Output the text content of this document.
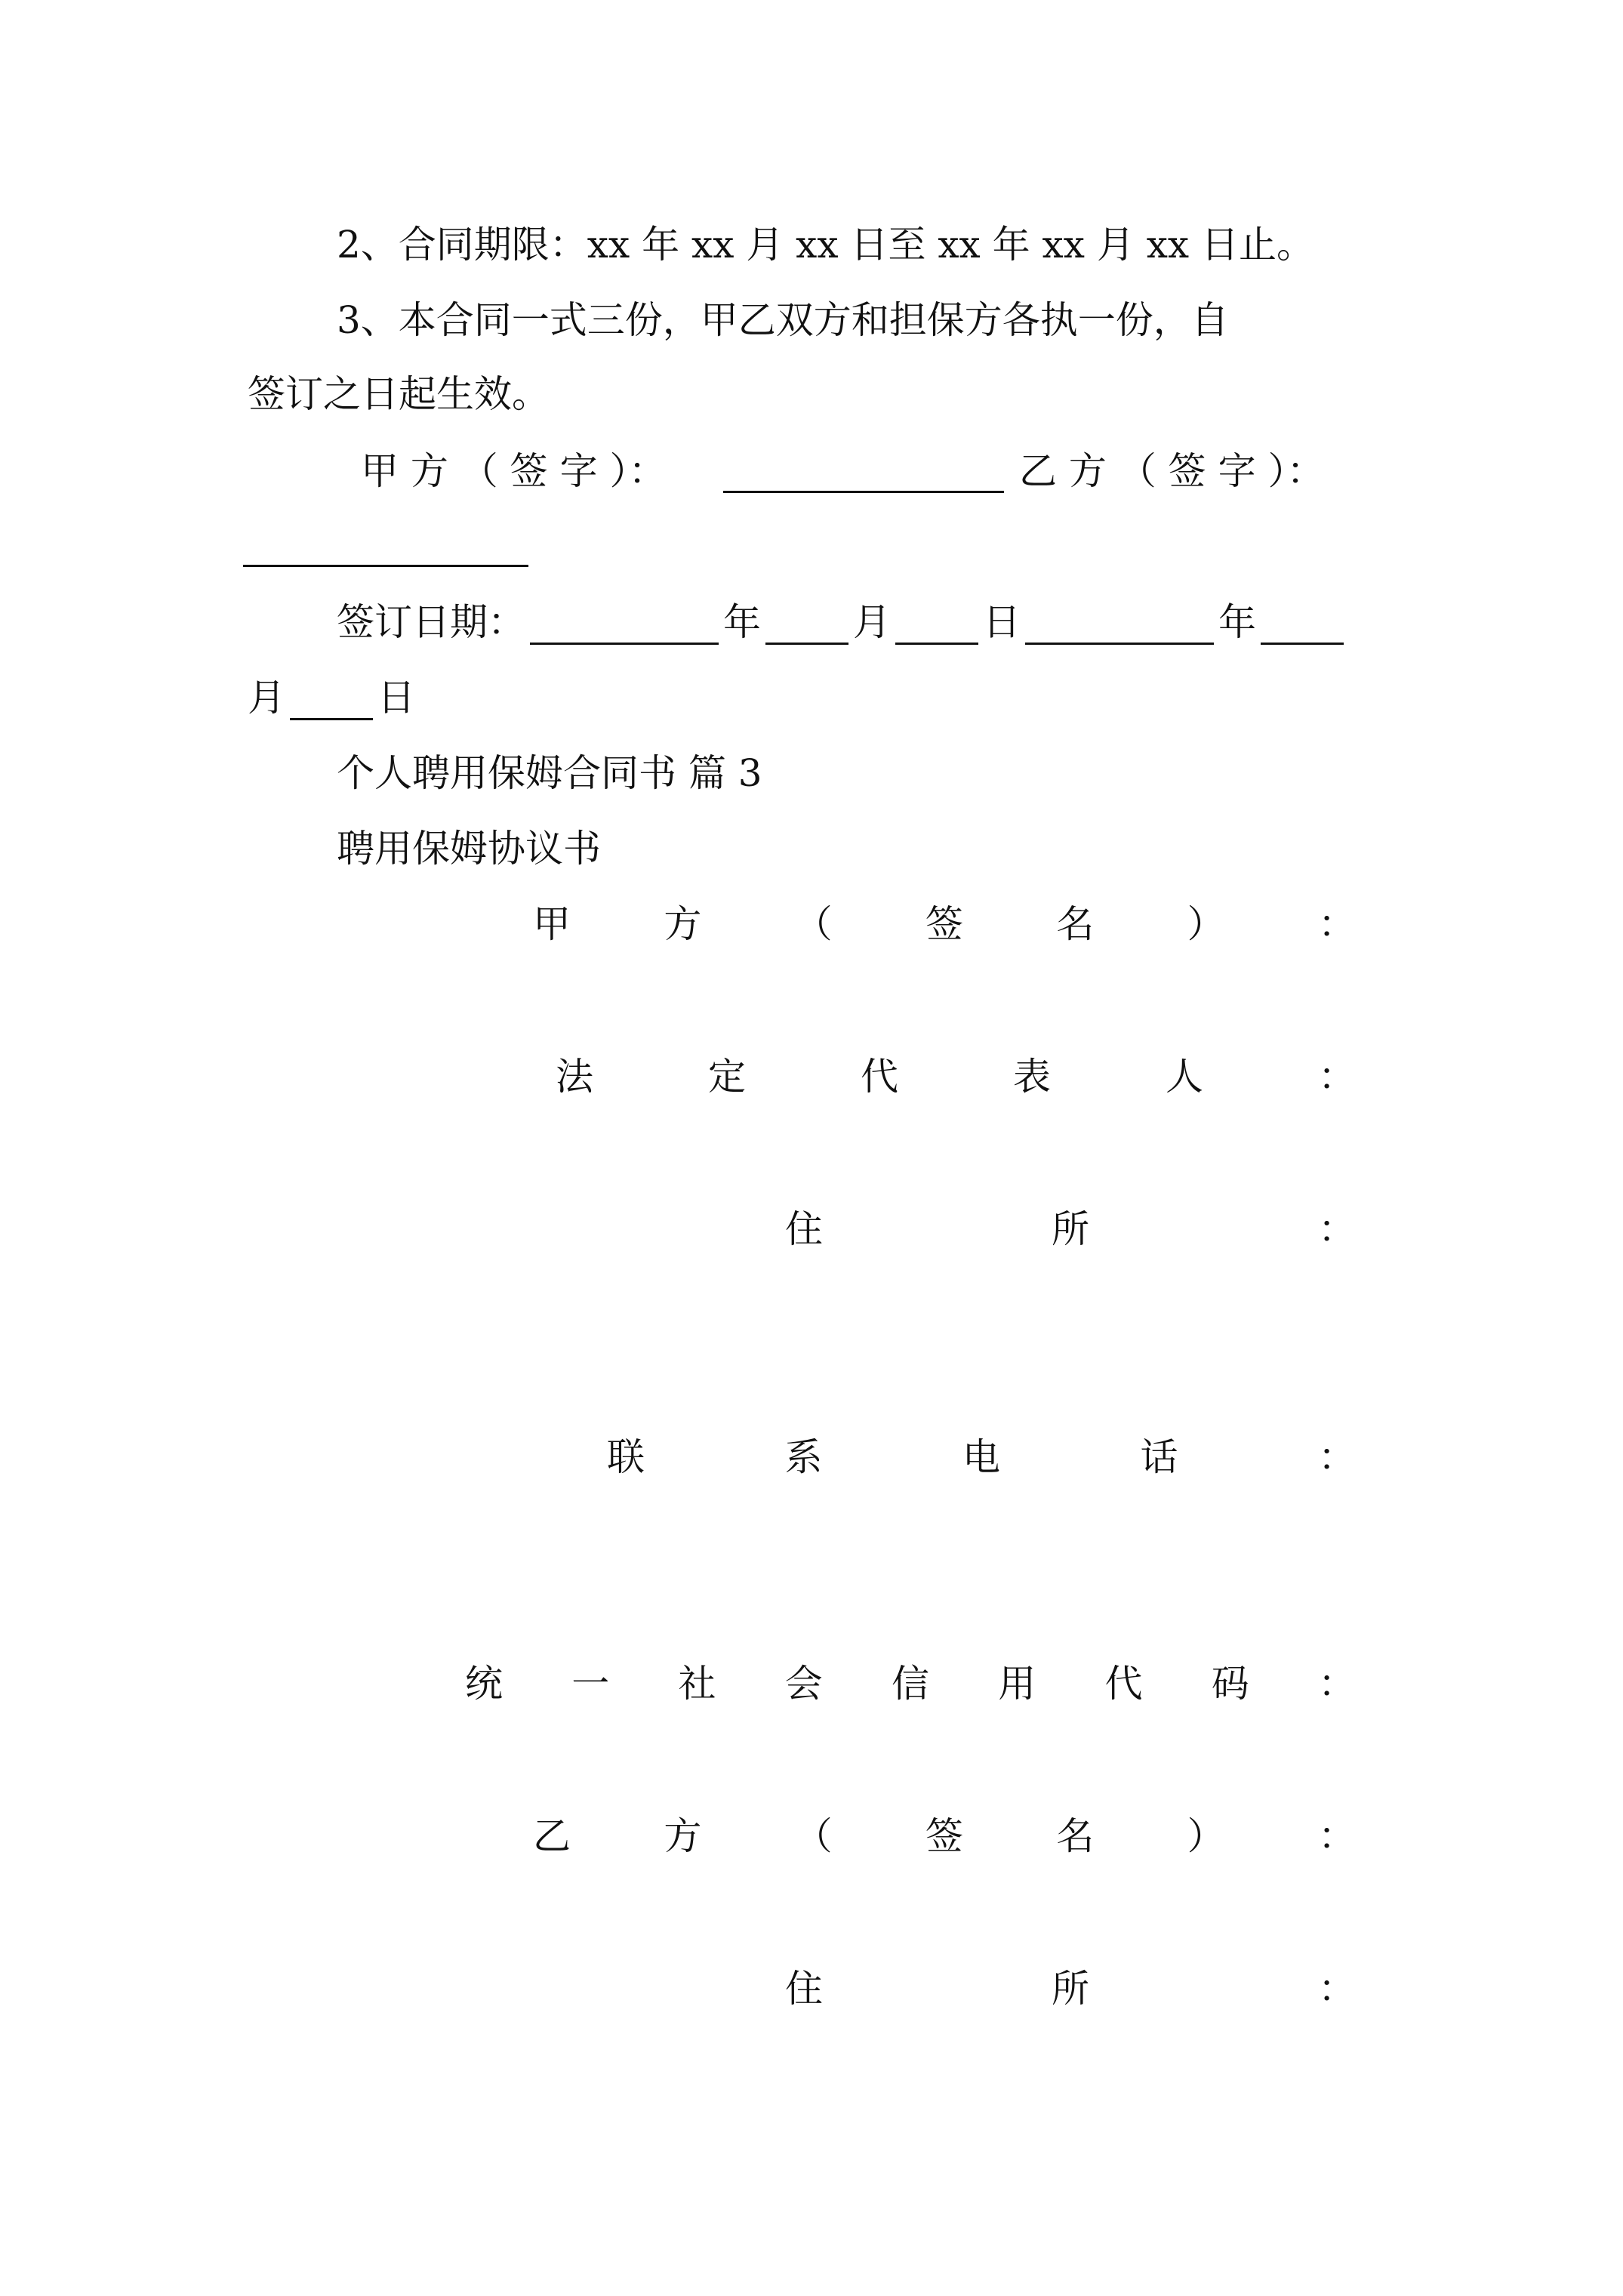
2、合同期限：xx 年 xx 月 xx 日至 xx 年 xx 月 xx 日止。
3、本合同一式三份，甲乙双方和担保方各执一份，自
签订之日起生效。
甲 方 （ 签 字 ）：	乙 方 （ 签 字 ）：
签订日期：	年 月 日	年
月 日
个人聘用保姆合同书 篇 3
聘用保姆协议书
甲 方 （ 签 名 ） ：
法	定	代	表	人	：
住	所	：
联	系	电	话	：
统 一 社 会 信 用 代 码 ：
乙 方 （ 签 名 ） ：
住	所	：
